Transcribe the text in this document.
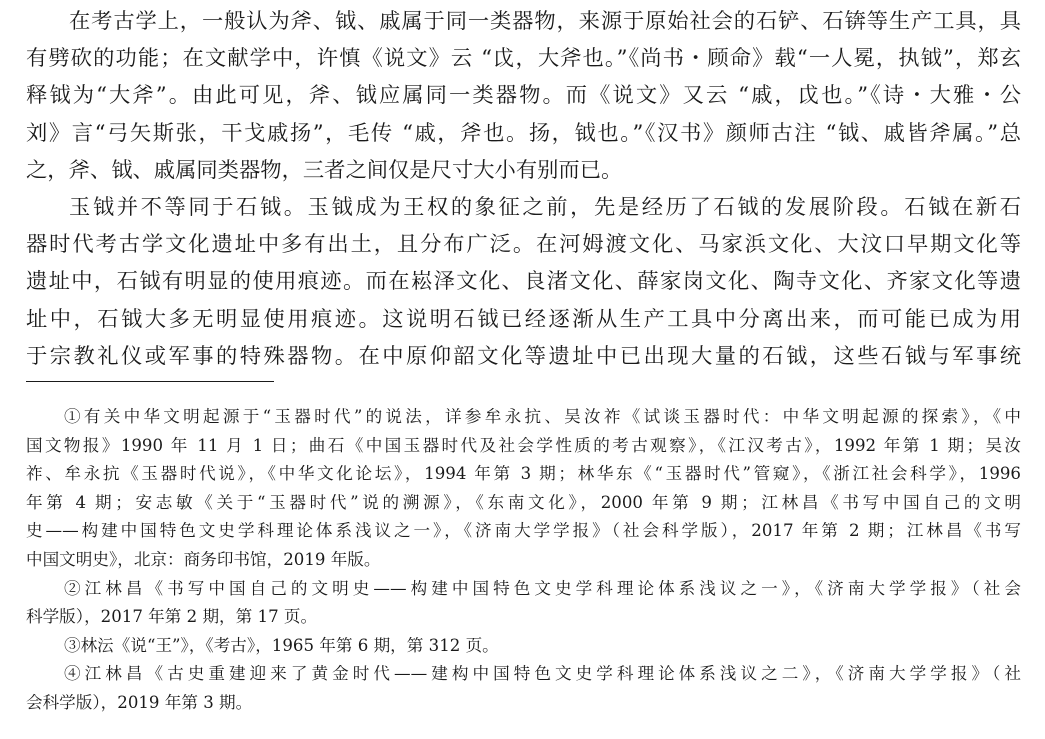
在考古学上，一般认为斧、钺、戚属于同一类器物，来源于原始社会的石铲、石锛等生产工具，具
有劈砍的功能；在文献学中，许慎《说文》云 “戉，大斧也。”《尚书・顾命》载“一人冕，执钺”，郑玄
释钺为“大斧”。由此可见，斧、钺应属同一类器物。而《说文》又云 “戚，戉也。”《诗・大雅・公
刘》言“弓矢斯张，干戈戚扬”，毛传 “戚，斧也。扬，钺也。”《汉书》颜师古注 “钺、戚皆斧属。”总
之，斧、钺、戚属同类器物，三者之间仅是尺寸大小有别而已。
玉钺并不等同于石钺。玉钺成为王权的象征之前，先是经历了石钺的发展阶段。石钺在新石
器时代考古学文化遗址中多有出土，且分布广泛。在河姆渡文化、马家浜文化、大汶口早期文化等
遗址中，石钺有明显的使用痕迹。而在崧泽文化、良渚文化、薛家岗文化、陶寺文化、齐家文化等遗
址中，石钺大多无明显使用痕迹。这说明石钺已经逐渐从生产工具中分离出来，而可能已成为用
于宗教礼仪或军事的特殊器物。在中原仰韶文化等遗址中已出现大量的石钺，这些石钺与军事统
①有关中华文明起源于“玉器时代”的说法，详参牟永抗、吴汝祚《试谈玉器时代：中华文明起源的探索》，《中
国文物报》1990 年 11 月 1 日；曲石《中国玉器时代及社会学性质的考古观察》，《江汉考古》，1992 年第 1 期；吴汝
祚、牟永抗《玉器时代说》，《中华文化论坛》，1994 年第 3 期；林华东《“玉器时代”管窥》，《浙江社会科学》，1996
年第 4 期；安志敏《关于“玉器时代”说的溯源》，《东南文化》，2000 年第 9 期；江林昌《书写中国自己的文明
史——构建中国特色文史学科理论体系浅议之一》，《济南大学学报》（社会科学版），2017 年第 2 期；江林昌《书写
中国文明史》，北京：商务印书馆，2019 年版。
②江林昌《书写中国自己的文明史——构建中国特色文史学科理论体系浅议之一》，《济南大学学报》（社会
科学版），2017 年第 2 期，第 17 页。
③林沄《说“王”》，《考古》，1965 年第 6 期，第 312 页。
④江林昌《古史重建迎来了黄金时代——建构中国特色文史学科理论体系浅议之二》，《济南大学学报》（社
会科学版），2019 年第 3 期。
